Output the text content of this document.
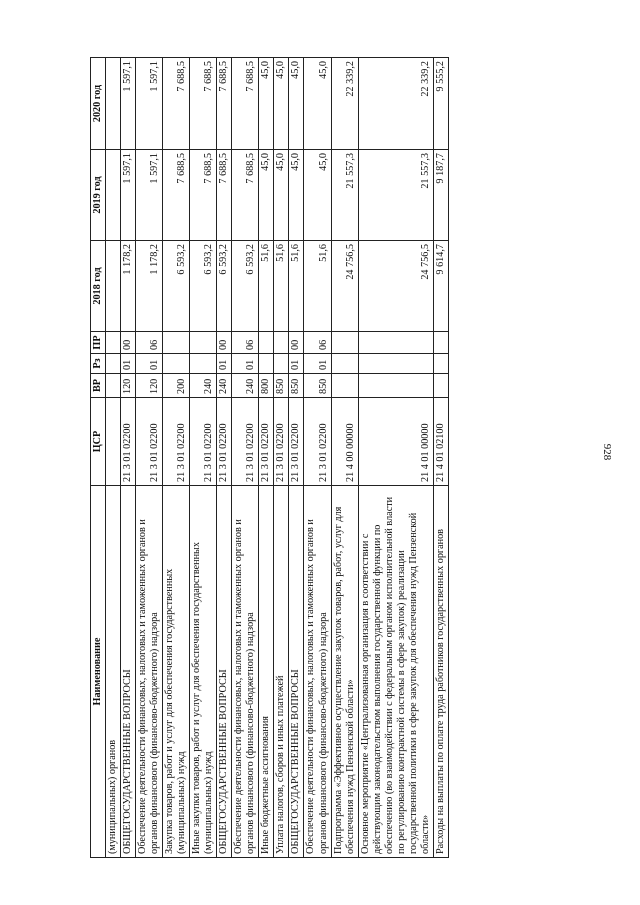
928
Наименование	ЦСР	ВР	Рз	ПР	2018 год	2019 год	2020 год
(муниципальных) органов							
ОБЩЕГОСУДАРСТВЕННЫЕ ВОПРОСЫ	21 3 01 02200	120	01	00	1 178,2	1 597,1	1 597,1
Обеспечение деятельности финансовых, налоговых и таможенных органов и органов финансового (финансово-бюджетного) надзора	21 3 01 02200	120	01	06	1 178,2	1 597,1	1 597,1
Закупка товаров, работ и услуг для обеспечения государственных (муниципальных) нужд	21 3 01 02200	200			6 593,2	7 688,5	7 688,5
Иные закупки товаров, работ и услуг для обеспечения государственных (муниципальных) нужд	21 3 01 02200	240			6 593,2	7 688,5	7 688,5
ОБЩЕГОСУДАРСТВЕННЫЕ ВОПРОСЫ	21 3 01 02200	240	01	00	6 593,2	7 688,5	7 688,5
Обеспечение деятельности финансовых, налоговых и таможенных органов и органов финансового (финансово-бюджетного) надзора	21 3 01 02200	240	01	06	6 593,2	7 688,5	7 688,5
Иные бюджетные ассигнования	21 3 01 02200	800			51,6	45,0	45,0
Уплата налогов, сборов и иных платежей	21 3 01 02200	850			51,6	45,0	45,0
ОБЩЕГОСУДАРСТВЕННЫЕ ВОПРОСЫ	21 3 01 02200	850	01	00	51,6	45,0	45,0
Обеспечение деятельности финансовых, налоговых и таможенных органов и органов финансового (финансово-бюджетного) надзора	21 3 01 02200	850	01	06	51,6	45,0	45,0
Подпрограмма «Эффективное осуществление закупок товаров, работ, услуг для обеспечения нужд Пензенской области»	21 4 00 00000				24 756,5	21 557,3	22 339,2
Основное мероприятие «Централизованная организация в соответствии с действующим законодательством выполнения государственной функции по обеспечению (во взаимодействии с федеральным органом исполнительной власти по регулированию контрактной системы в сфере закупок) реализации государственной политики в сфере закупок для обеспечения нужд Пензенской области»	21 4 01 00000				24 756,5	21 557,3	22 339,2
Расходы на выплаты по оплате труда работников государственных органов	21 4 01 02100				9 614,7	9 187,7	9 555,2
